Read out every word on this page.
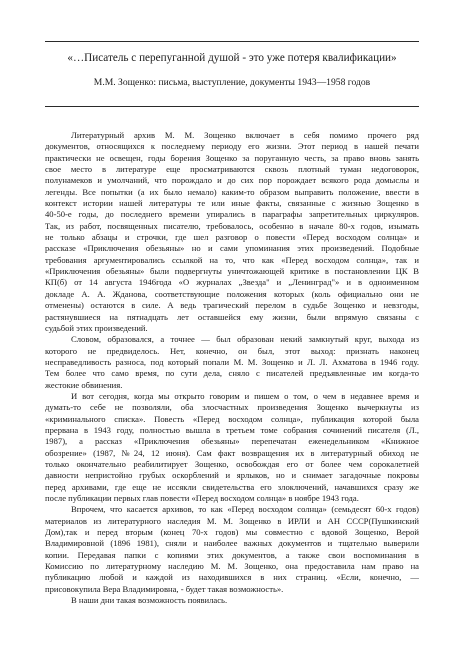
«…Писатель с перепуганной душой - это уже потеря квалификации»
М.М. Зощенко: письма, выступление, документы 1943—1958 годов
Литературный архив М. М. Зощенко включает в себя помимо прочего ряд
документов, относящихся к последнему периоду его жизни. Этот период в нашей печати
практически не освещен, годы борения Зощенко за поруганную честь, за право вновь занять
свое место в литературе еще просматриваются сквозь плотный туман недоговорок,
полунамеков и умолчаний, что порождало и до сих пор порождает всякого рода домыслы и
легенды. Все попытки (а их было немало) каким-то образом выправить положение, ввести в
контекст истории нашей литературы те или иные факты, связанные с жизнью Зощенко в
40-50-е годы, до последнего времени упирались в параграфы запретительных циркуляров.
Так, из работ, посвященных писателю, требовалось, особенно в начале 80-х годов, изымать
не только абзацы и строчки, где шел разговор о повести «Перед восходом солнца» и
рассказе «Приключения обезьяны» но и сами упоминания этих произведений. Подобные
требования аргументировались ссылкой на то, что как «Перед восходом солнца», так и
«Приключения обезьяны» были подвергнуты уничтожающей критике в постановлении ЦК В
КП(б) от 14 августа 1946года «О журналах „Звезда" и „Ленинград"» и в одноименном
докладе А. А. Жданова, соответствующие положения которых (коль официально они не
отменены) остаются в силе. А ведь трагический перелом в судьбе Зощенко и невзгоды,
растянувшиеся на пятнадцать лет оставшейся ему жизни, были впрямую связаны с
судьбой этих произведений.
Словом, образовался, а точнее — был образован некий замкнутый круг, выхода из
которого не предвиделось. Нет, конечно, он был, этот выход: признать наконец
несправедливость разноса, под который попали М. М. Зощенко и Л. Л. Ахматова в 1946 году.
Тем более что само время, по сути дела, сняло с писателей предъявленные им когда-то
жестокие обвинения.
И вот сегодня, когда мы открыто говорим и пишем о том, о чем в недавнее время и
думать-то себе не позволяли, оба злосчастных произведения Зощенко вычеркнуты из
«криминального списка». Повесть «Перед восходом солнца», публикация которой была
прервана в 1943 году, полностью вышла в третьем томе собрания сочинений писателя (Л.,
1987), а рассказ «Приключения обезьяны» перепечатан еженедельником «Книжное
обозрение» (1987, №24, 12 июня). Сам факт возвращения их в литературный обиход не
только окончательно реабилитирует Зощенко, освобождая его от более чем сорокалетней
давности непристойно грубых оскорблений и ярлыков, но и снимает загадочные покровы
перед архивами, где еще не иссякли свидетельства его злоключений, начавшихся сразу же
после публикации первых глав повести «Перед восходом солнца» в ноябре 1943 года.
Впрочем, что касается архивов, то как «Перед восходом солнца» (семьдесят 60-х годов)
материалов из литературного наследия М. М. Зощенко в ИРЛИ и АН СССР(Пушкинский
Дом),так и перед вторым (конец 70-х годов) мы совместно с вдовой Зощенко, Верой
Владимировной (1896 1981), сняли и наиболее важных документов и тщательно выверили
копии. Передавая папки с копиями этих документов, а также свои воспоминания в
Комиссию по литературному наследию М. М. Зощенко, она предоставила нам право на
публикацию любой и каждой из находившихся в них страниц. «Если, конечно, —
присовокупила Вера Владимировна, - будет такая возможность».
В наши дни такая возможность появилась.
